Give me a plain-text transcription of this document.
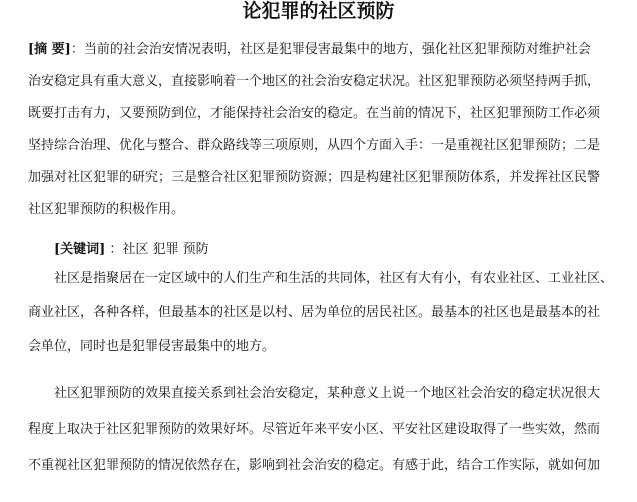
论犯罪的社区预防
[摘 要]：当前的社会治安情况表明，社区是犯罪侵害最集中的地方，强化社区犯罪预防对维护社会
治安稳定具有重大意义，直接影响着一个地区的社会治安稳定状况。社区犯罪预防必须坚持两手抓，
既要打击有力，又要预防到位，才能保持社会治安的稳定。在当前的情况下，社区犯罪预防工作必须
坚持综合治理、优化与整合、群众路线等三项原则，从四个方面入手：一是重视社区犯罪预防；二是
加强对社区犯罪的研究；三是整合社区犯罪预防资源；四是构建社区犯罪预防体系，并发挥社区民警
社区犯罪预防的积极作用。
[关键词] ：社区 犯罪 预防
社区是指聚居在一定区域中的人们生产和生活的共同体，社区有大有小，有农业社区、工业社区、
商业社区，各种各样，但最基本的社区是以村、居为单位的居民社区。最基本的社区也是最基本的社
会单位，同时也是犯罪侵害最集中的地方。
社区犯罪预防的效果直接关系到社会治安稳定，某种意义上说一个地区社会治安的稳定状况很大
程度上取决于社区犯罪预防的效果好坏。尽管近年来平安小区、平安社区建设取得了一些实效，然而
不重视社区犯罪预防的情况依然存在，影响到社会治安的稳定。有感于此，结合工作实际，就如何加
